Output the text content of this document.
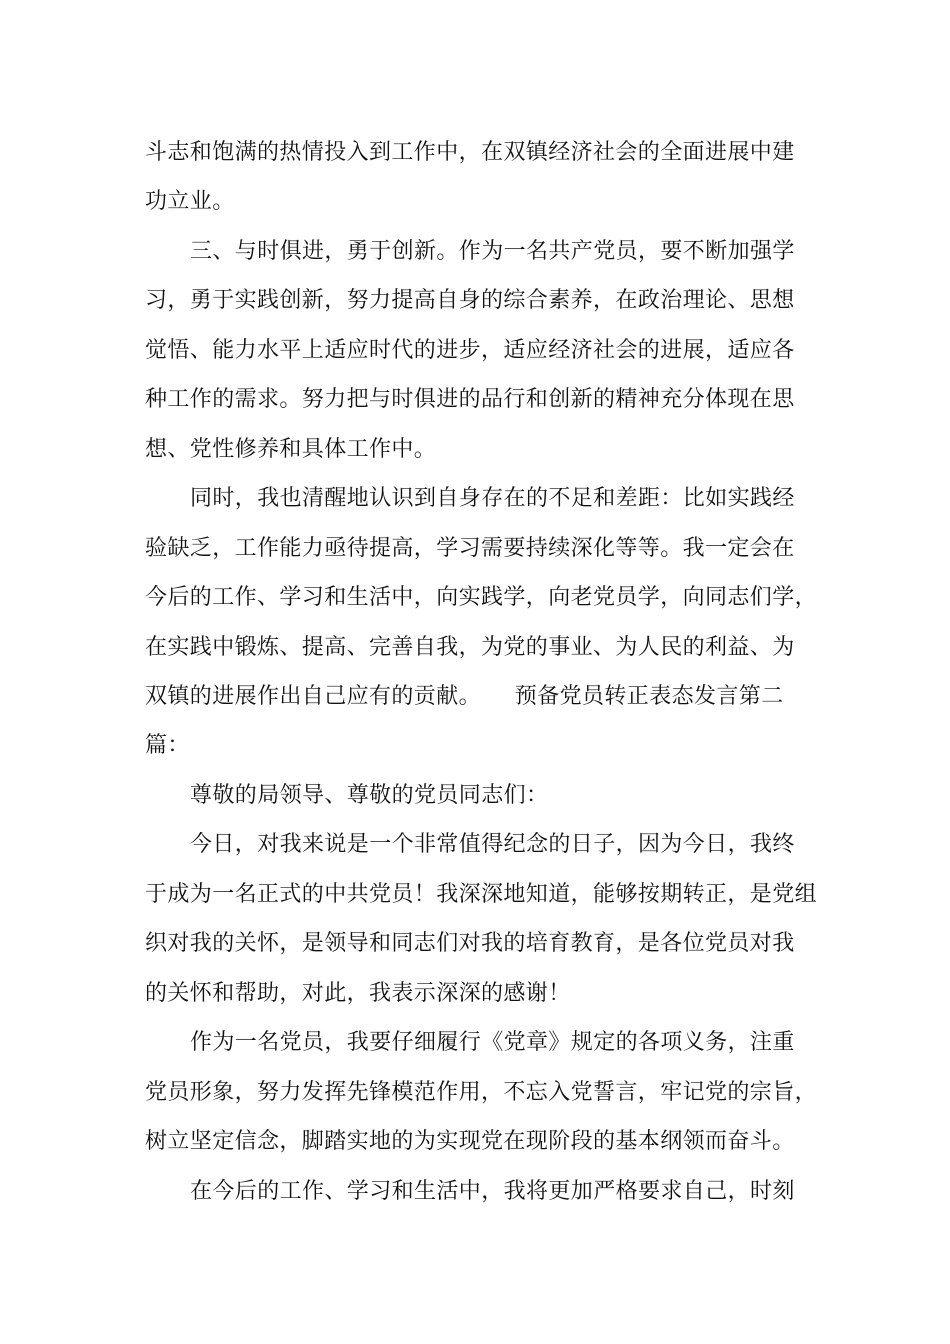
斗志和饱满的热情投入到工作中，在双镇经济社会的全面进展中建
功立业。
三、与时俱进，勇于创新。作为一名共产党员，要不断加强学
习，勇于实践创新，努力提高自身的综合素养，在政治理论、思想
觉悟、能力水平上适应时代的进步，适应经济社会的进展，适应各
种工作的需求。努力把与时俱进的品行和创新的精神充分体现在思
想、党性修养和具体工作中。
同时，我也清醒地认识到自身存在的不足和差距：比如实践经
验缺乏，工作能力亟待提高，学习需要持续深化等等。我一定会在
今后的工作、学习和生活中，向实践学，向老党员学，向同志们学，
在实践中锻炼、提高、完善自我，为党的事业、为人民的利益、为
双镇的进展作出自己应有的贡献。　　预备党员转正表态发言第二
篇：
尊敬的局领导、尊敬的党员同志们：
今日，对我来说是一个非常值得纪念的日子，因为今日，我终
于成为一名正式的中共党员！我深深地知道，能够按期转正，是党组
织对我的关怀，是领导和同志们对我的培育教育，是各位党员对我
的关怀和帮助，对此，我表示深深的感谢！
作为一名党员，我要仔细履行《党章》规定的各项义务，注重
党员形象，努力发挥先锋模范作用，不忘入党誓言，牢记党的宗旨，
树立坚定信念，脚踏实地的为实现党在现阶段的基本纲领而奋斗。
在今后的工作、学习和生活中，我将更加严格要求自己，时刻
